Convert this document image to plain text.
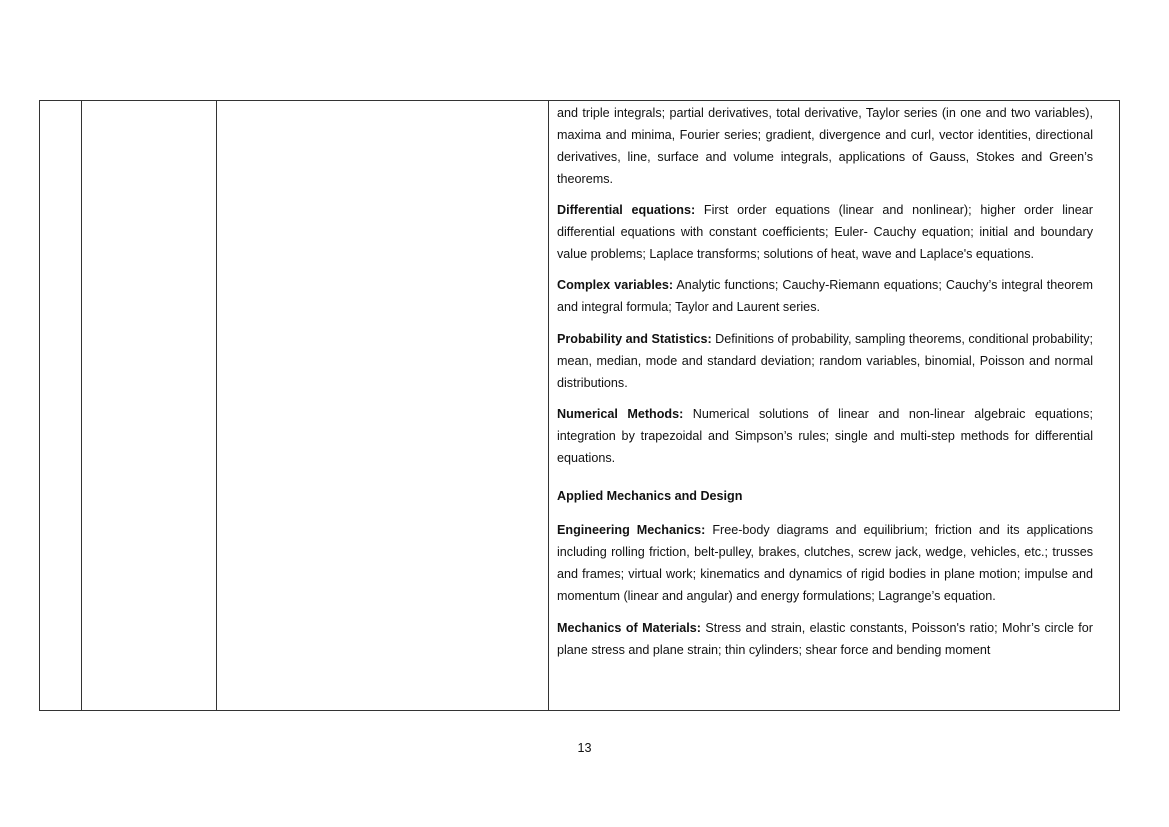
and triple integrals; partial derivatives, total derivative, Taylor series (in one and two variables), maxima and minima, Fourier series; gradient, divergence and curl, vector identities, directional derivatives, line, surface and volume integrals, applications of Gauss, Stokes and Green’s theorems.

Differential equations: First order equations (linear and nonlinear); higher order linear differential equations with constant coefficients; Euler- Cauchy equation; initial and boundary value problems; Laplace transforms; solutions of heat, wave and Laplace's equations.

Complex variables: Analytic functions; Cauchy-Riemann equations; Cauchy’s integral theorem and integral formula; Taylor and Laurent series.

Probability and Statistics: Definitions of probability, sampling theorems, conditional probability; mean, median, mode and standard deviation; random variables, binomial, Poisson and normal distributions.

Numerical Methods: Numerical solutions of linear and non-linear algebraic equations; integration by trapezoidal and Simpson’s rules; single and multi-step methods for differential equations.

Applied Mechanics and Design

Engineering Mechanics: Free-body diagrams and equilibrium; friction and its applications including rolling friction, belt-pulley, brakes, clutches, screw jack, wedge, vehicles, etc.; trusses and frames; virtual work; kinematics and dynamics of rigid bodies in plane motion; impulse and momentum (linear and angular) and energy formulations; Lagrange’s equation.

Mechanics of Materials: Stress and strain, elastic constants, Poisson's ratio; Mohr’s circle for plane stress and plane strain; thin cylinders; shear force and bending moment

13
